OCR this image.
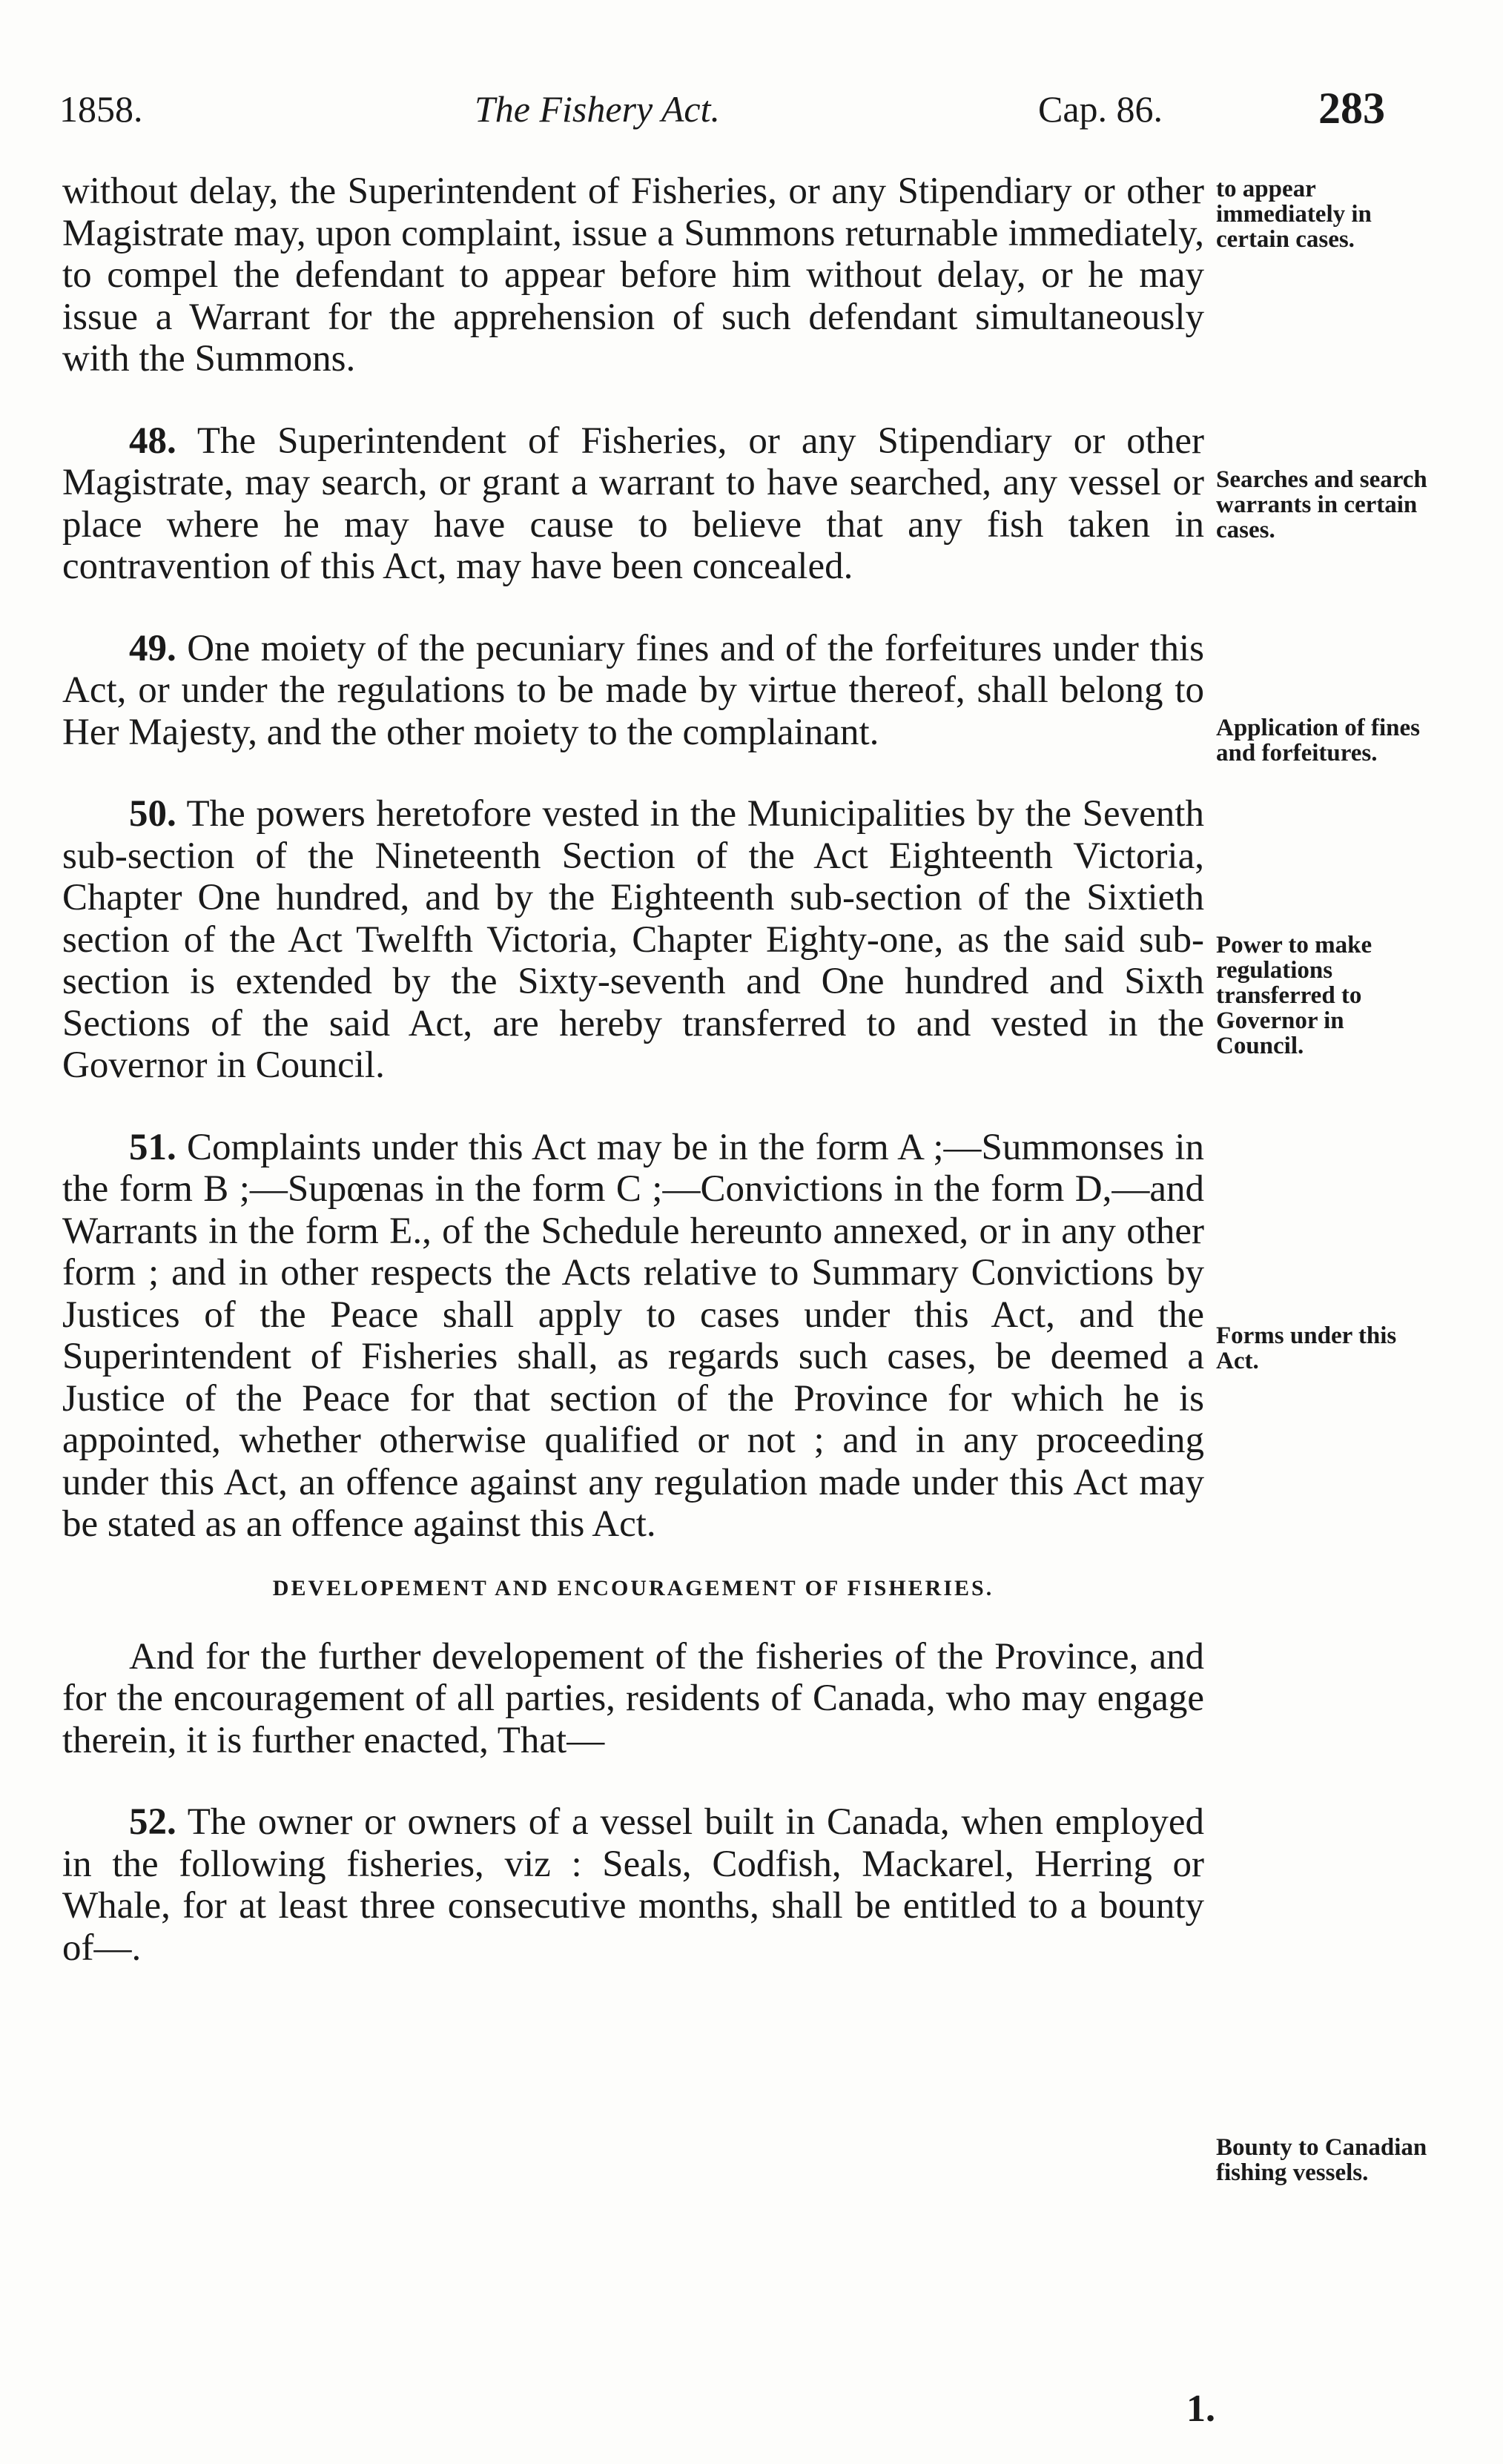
1858.	The Fishery Act.	Cap. 86.	283

without delay, the Superintendent of Fisheries, or any Stipendiary or other Magistrate may, upon complaint, issue a Summons returnable immediately, to compel the defendant to appear before him without delay, or he may issue a Warrant for the apprehension of such defendant simultaneously with the Summons.

48. The Superintendent of Fisheries, or any Stipendiary or other Magistrate, may search, or grant a warrant to have searched, any vessel or place where he may have cause to believe that any fish taken in contravention of this Act, may have been concealed.

49. One moiety of the pecuniary fines and of the forfeitures under this Act, or under the regulations to be made by virtue thereof, shall belong to Her Majesty, and the other moiety to the complainant.

50. The powers heretofore vested in the Municipalities by the Seventh sub-section of the Nineteenth Section of the Act Eighteenth Victoria, Chapter One hundred, and by the Eighteenth sub-section of the Sixtieth section of the Act Twelfth Victoria, Chapter Eighty-one, as the said sub-section is extended by the Sixty-seventh and One hundred and Sixth Sections of the said Act, are hereby transferred to and vested in the Governor in Council.

51. Complaints under this Act may be in the form A ;—Summonses in the form B ;—Supœnas in the form C ;—Convictions in the form D,—and Warrants in the form E., of the Schedule hereunto annexed, or in any other form ; and in other respects the Acts relative to Summary Convictions by Justices of the Peace shall apply to cases under this Act, and the Superintendent of Fisheries shall, as regards such cases, be deemed a Justice of the Peace for that section of the Province for which he is appointed, whether otherwise qualified or not ; and in any proceeding under this Act, an offence against any regulation made under this Act may be stated as an offence against this Act.

DEVELOPEMENT AND ENCOURAGEMENT OF FISHERIES.

And for the further developement of the fisheries of the Province, and for the encouragement of all parties, residents of Canada, who may engage therein, it is further enacted, That—

52. The owner or owners of a vessel built in Canada, when employed in the following fisheries, viz : Seals, Codfish, Mackarel, Herring or Whale, for at least three consecutive months, shall be entitled to a bounty of—.

to appear immediately in certain cases.
Searches and search warrants in certain cases.
Application of fines and forfeitures.
Power to make regulations transferred to Governor in Council.
Forms under this Act.
Bounty to Canadian fishing vessels.
1.
